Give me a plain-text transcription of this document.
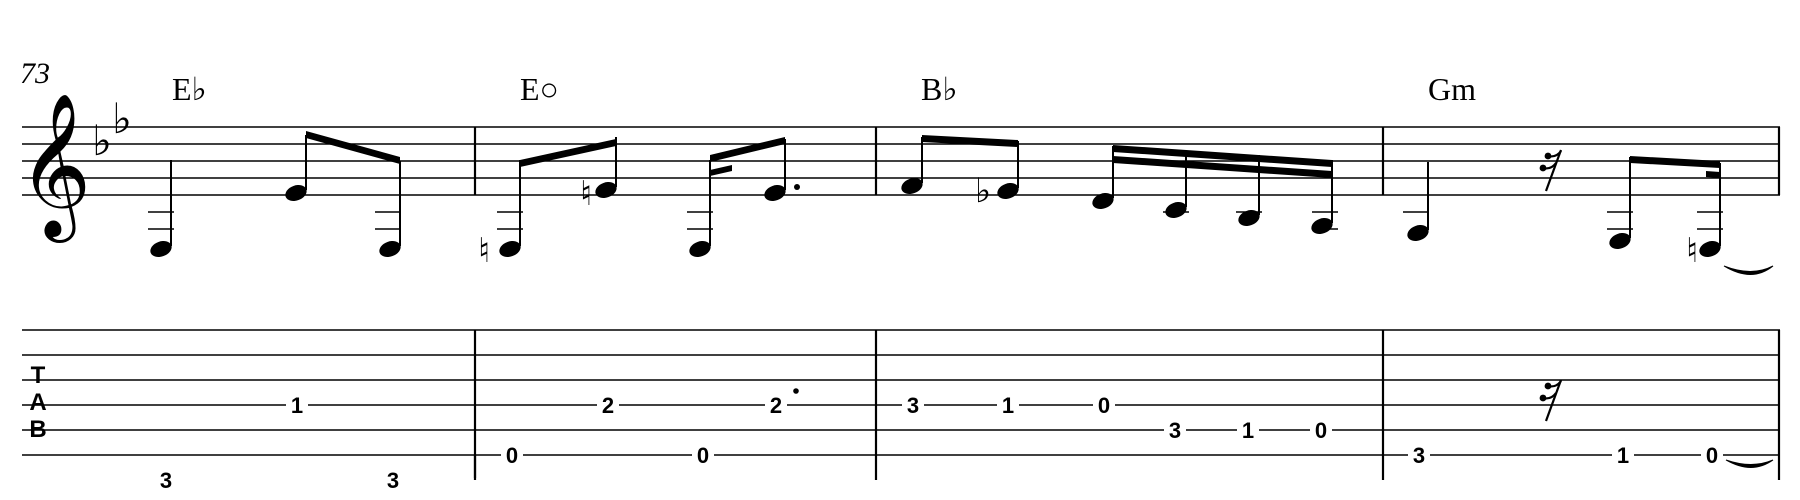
73	E♭	E○	B♭	Gm
𝄞 ♭ ♭
♮
♮	♭
♮
T
A
B
3
1
3
0
2
0
2	3	1	0
3	1	0
3	1	0
